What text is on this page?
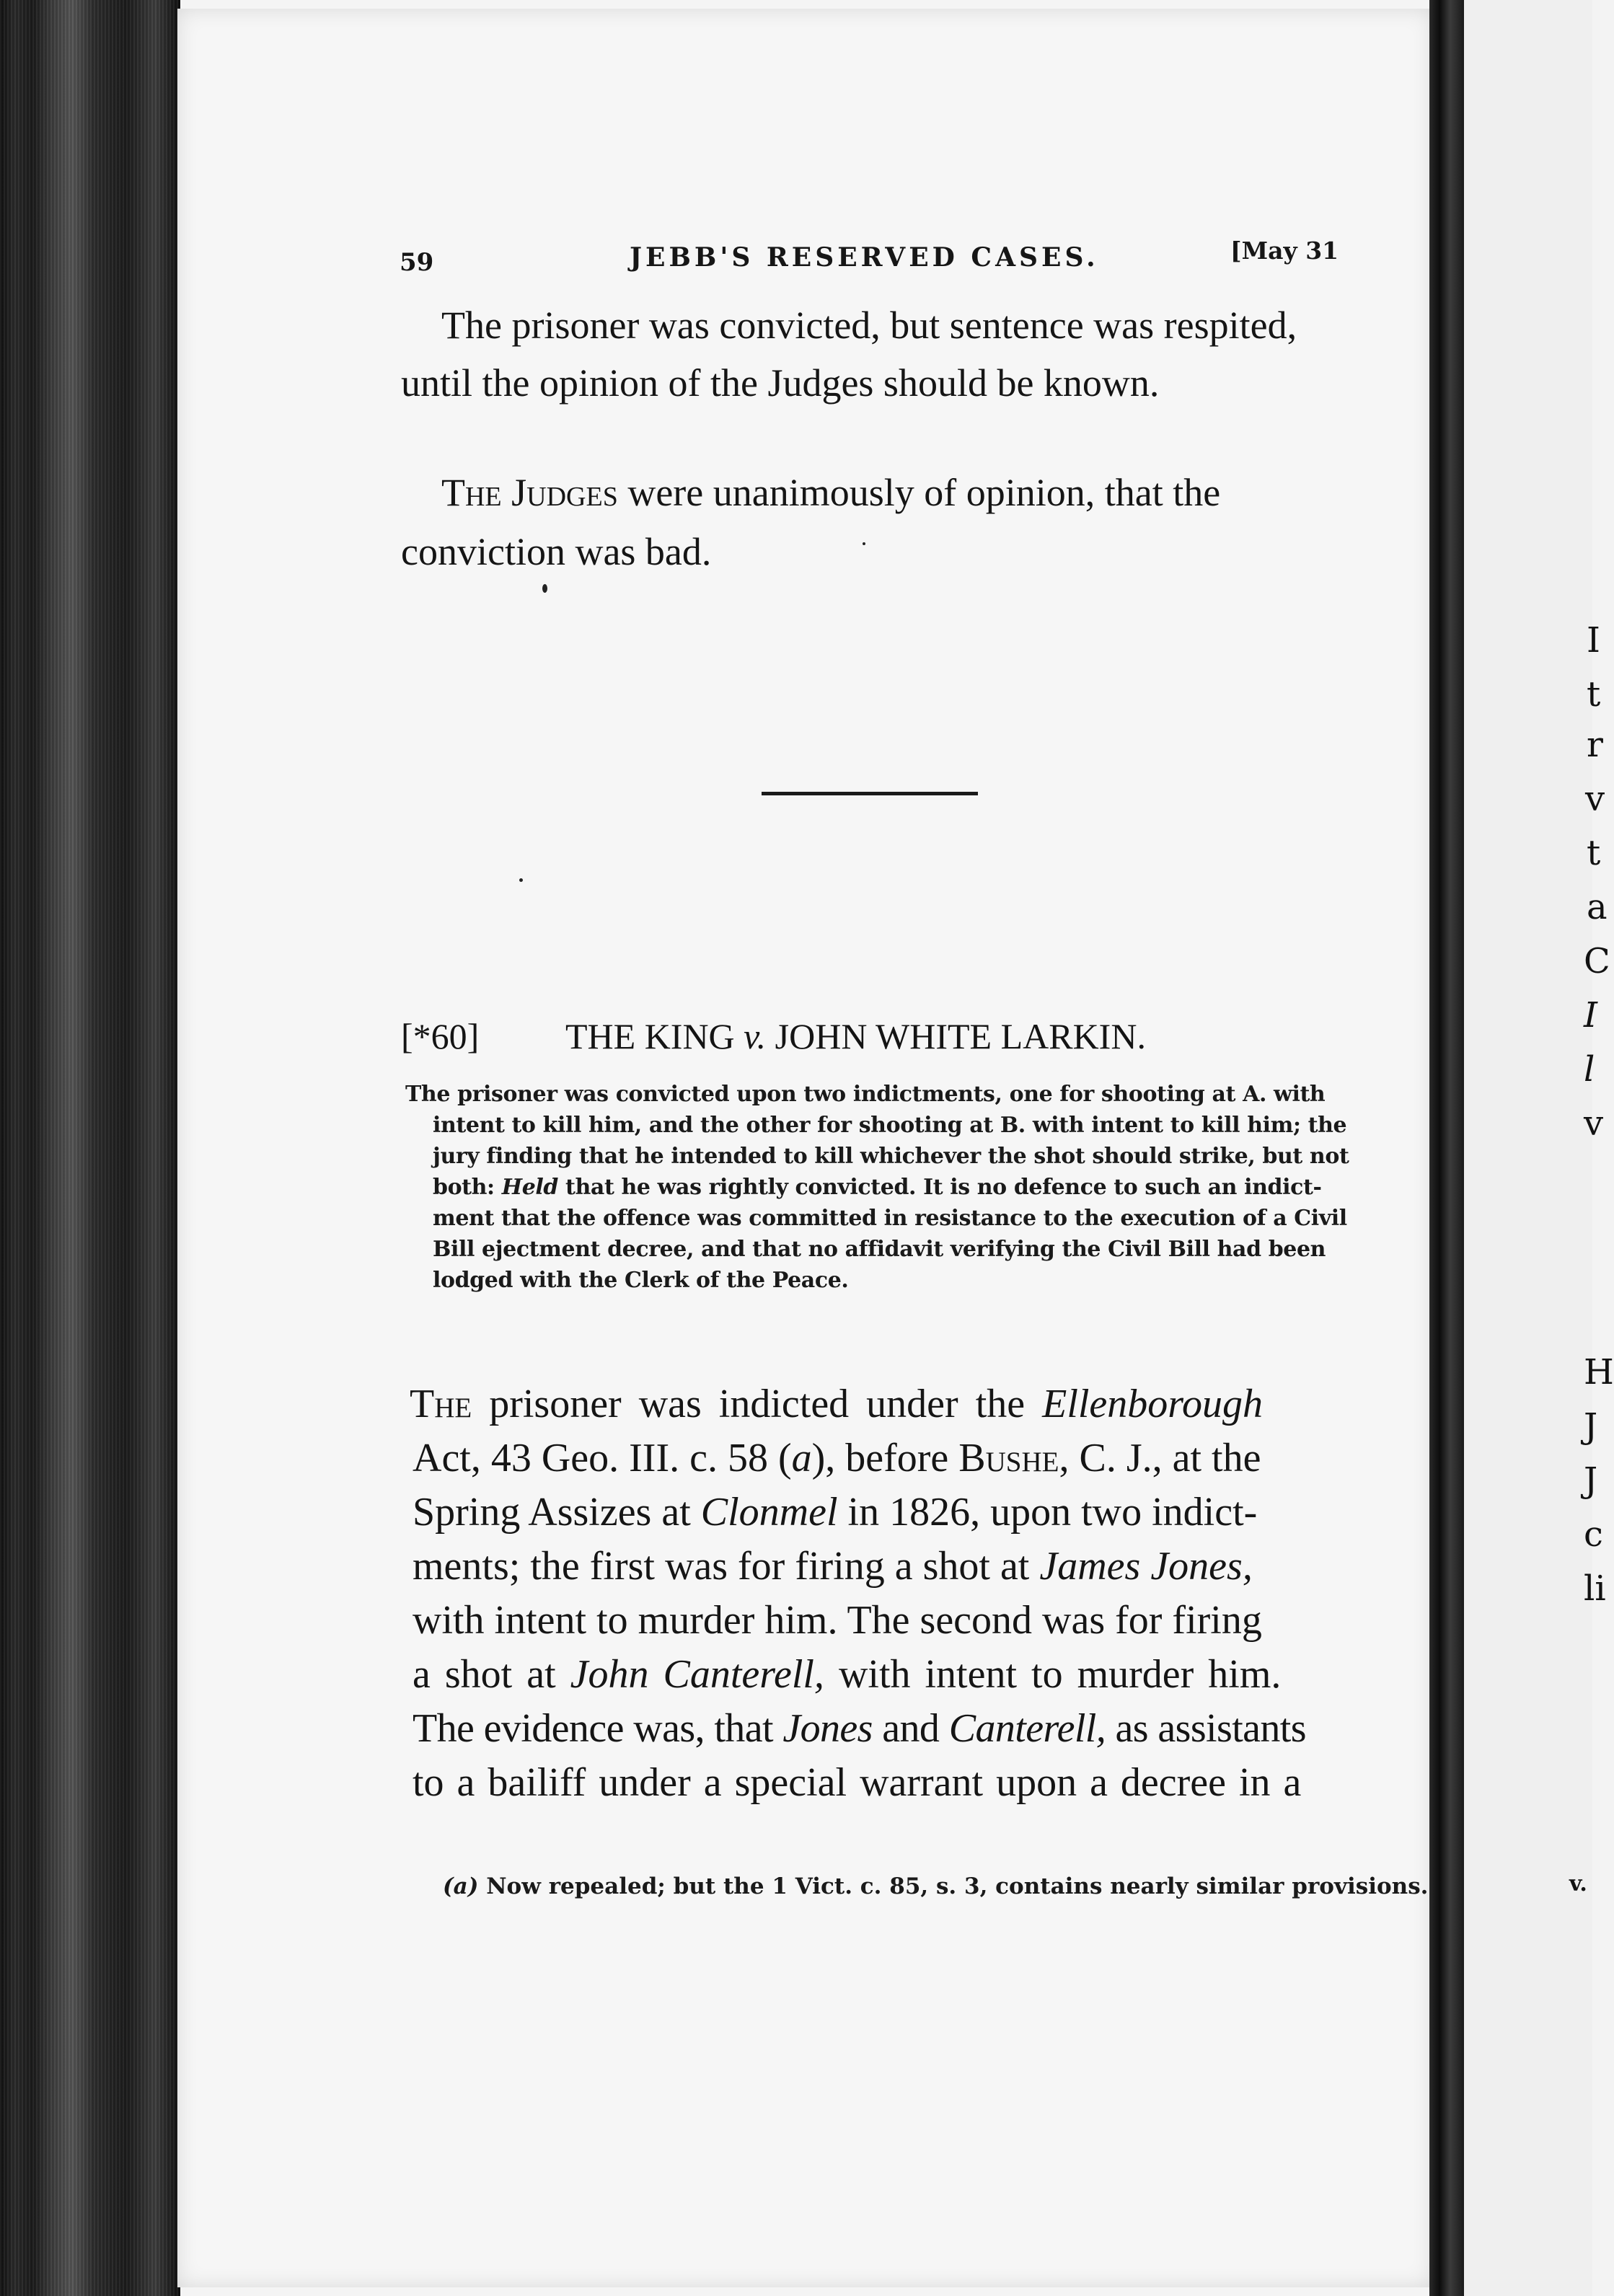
I
t
r
v
t
a
C
I
l
v
H
J
J
c
li
v.
59	JEBB'S RESERVED CASES.	[May 31
The prisoner was convicted, but sentence was respited,
until the opinion of the Judges should be known.
The Judges were unanimously of opinion, that the
conviction was bad.
[*60] THE KING v. JOHN WHITE LARKIN.
The prisoner was convicted upon two indictments, one for shooting at A. with
intent to kill him, and the other for shooting at B. with intent to kill him; the
jury finding that he intended to kill whichever the shot should strike, but not
both: Held that he was rightly convicted. It is no defence to such an indict-
ment that the offence was committed in resistance to the execution of a Civil
Bill ejectment decree, and that no affidavit verifying the Civil Bill had been
lodged with the Clerk of the Peace.
The prisoner was indicted under the Ellenborough
Act, 43 Geo. III. c. 58 (a), before Bushe, C. J., at the
Spring Assizes at Clonmel in 1826, upon two indict-
ments; the first was for firing a shot at James Jones,
with intent to murder him. The second was for firing
a shot at John Canterell, with intent to murder him.
The evidence was, that Jones and Canterell, as assistants
to a bailiff under a special warrant upon a decree in a
(a) Now repealed; but the 1 Vict. c. 85, s. 3, contains nearly similar provisions.
